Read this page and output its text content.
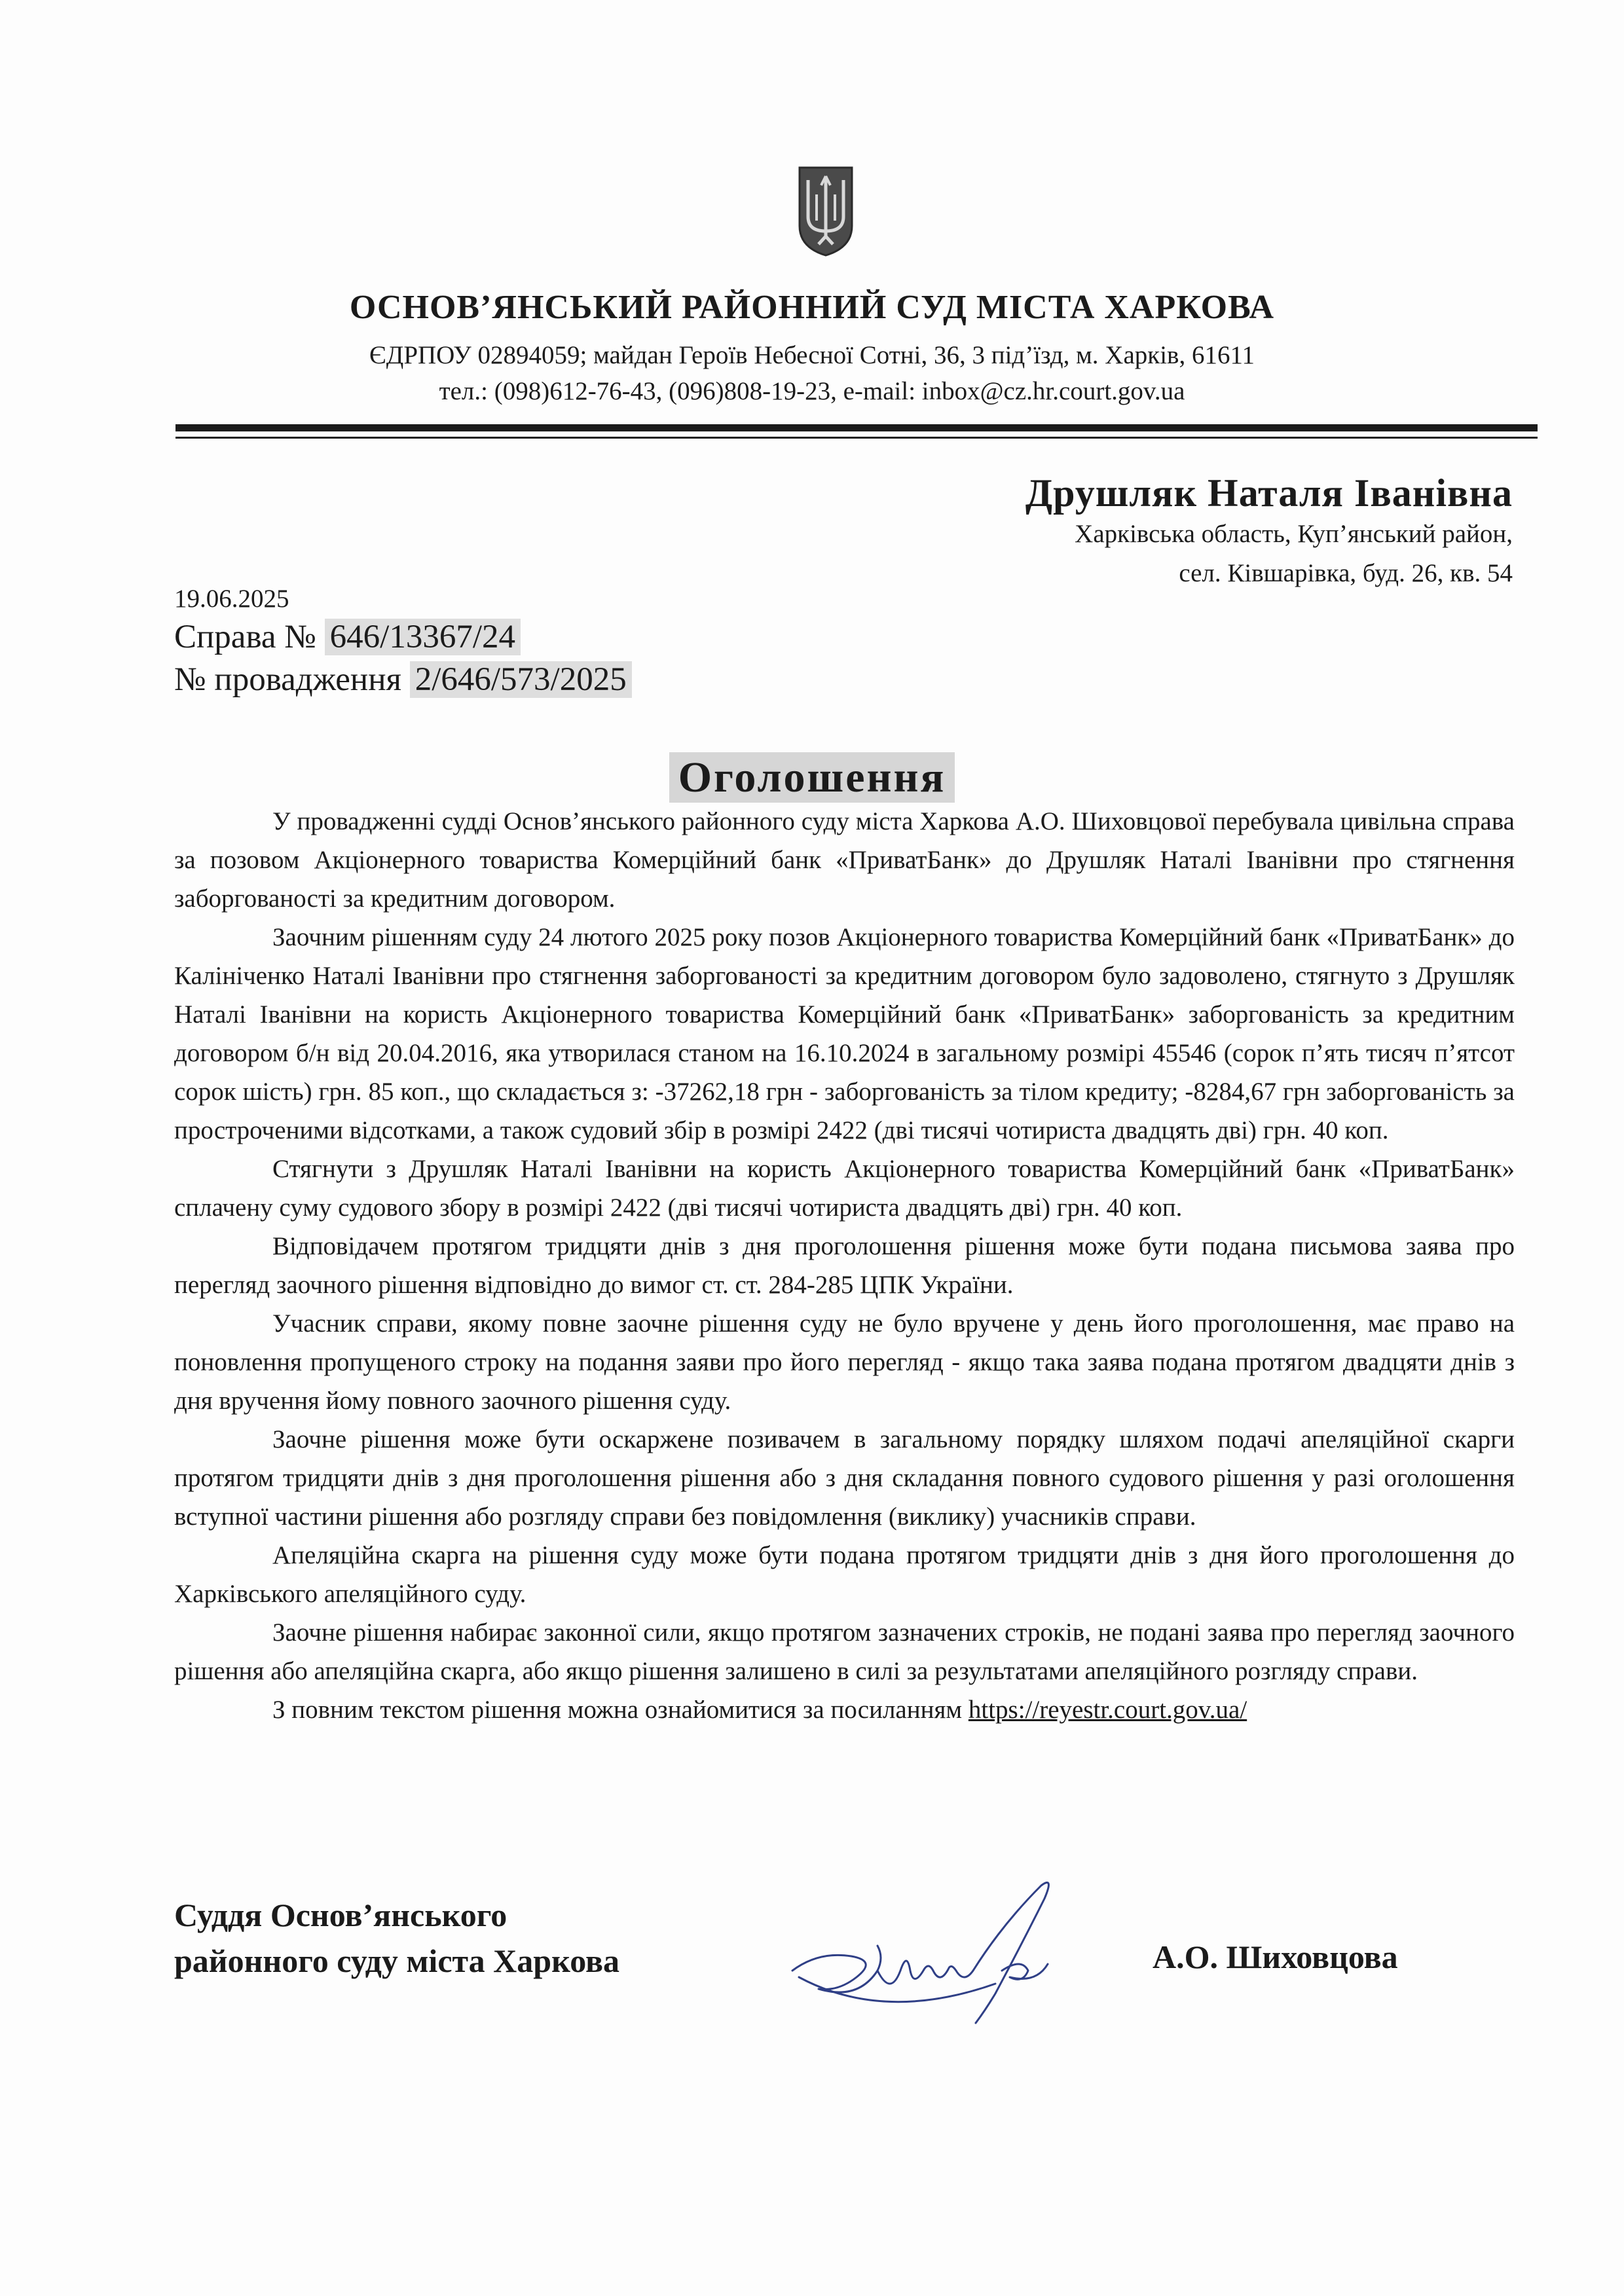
ОСНОВ’ЯНСЬКИЙ РАЙОННИЙ СУД МІСТА ХАРКОВА
ЄДРПОУ 02894059; майдан Героїв Небесної Сотні, 36, 3 під’їзд, м. Харків, 61611
тел.: (098)612-76-43, (096)808-19-23, e-mail: inbox@cz.hr.court.gov.ua
Друшляк Наталя Іванівна
Харківська область, Куп’янський район,
сел. Ківшарівка, буд. 26, кв. 54
19.06.2025
Справа № 646/13367/24
№ провадження 2/646/573/2025
Оголошення

У провадженні судді Основ’янського районного суду міста Харкова А.О. Шиховцової перебувала цивільна справа за позовом Акціонерного товариства Комерційний банк «ПриватБанк» до Друшляк Наталі Іванівни про стягнення заборгованості за кредитним договором.

Заочним рішенням суду 24 лютого 2025 року позов Акціонерного товариства Комерційний банк «ПриватБанк» до Калініченко Наталі Іванівни про стягнення заборгованості за кредитним договором було задоволено, стягнуто з Друшляк Наталі Іванівни на користь Акціонерного товариства Комерційний банк «ПриватБанк» заборгованість за кредитним договором б/н від 20.04.2016, яка утворилася станом на 16.10.2024 в загальному розмірі 45546 (сорок п’ять тисяч п’ятсот сорок шість) грн. 85 коп., що складається з: -37262,18 грн - заборгованість за тілом кредиту; -8284,67 грн заборгованість за простроченими відсотками, а також судовий збір в розмірі 2422 (дві тисячі чотириста двадцять дві) грн. 40 коп.

Стягнути з Друшляк Наталі Іванівни на користь Акціонерного товариства Комерційний банк «ПриватБанк» сплачену суму судового збору в розмірі 2422 (дві тисячі чотириста двадцять дві) грн. 40 коп.

Відповідачем протягом тридцяти днів з дня проголошення рішення може бути подана письмова заява про перегляд заочного рішення відповідно до вимог ст. ст. 284-285 ЦПК України.

Учасник справи, якому повне заочне рішення суду не було вручене у день його проголошення, має право на поновлення пропущеного строку на подання заяви про його перегляд - якщо така заява подана протягом двадцяти днів з дня вручення йому повного заочного рішення суду.

Заочне рішення може бути оскаржене позивачем в загальному порядку шляхом подачі апеляційної скарги протягом тридцяти днів з дня проголошення рішення або з дня складання повного судового рішення у разі оголошення вступної частини рішення або розгляду справи без повідомлення (виклику) учасників справи.

Апеляційна скарга на рішення суду може бути подана протягом тридцяти днів з дня його проголошення до Харківського апеляційного суду.

Заочне рішення набирає законної сили, якщо протягом зазначених строків, не подані заява про перегляд заочного рішення або апеляційна скарга, або якщо рішення залишено в силі за результатами апеляційного розгляду справи.

З повним текстом рішення можна ознайомитися за посиланням https://reyestr.court.gov.ua/

Суддя Основ’янського
районного суду міста Харкова	А.О. Шиховцова
